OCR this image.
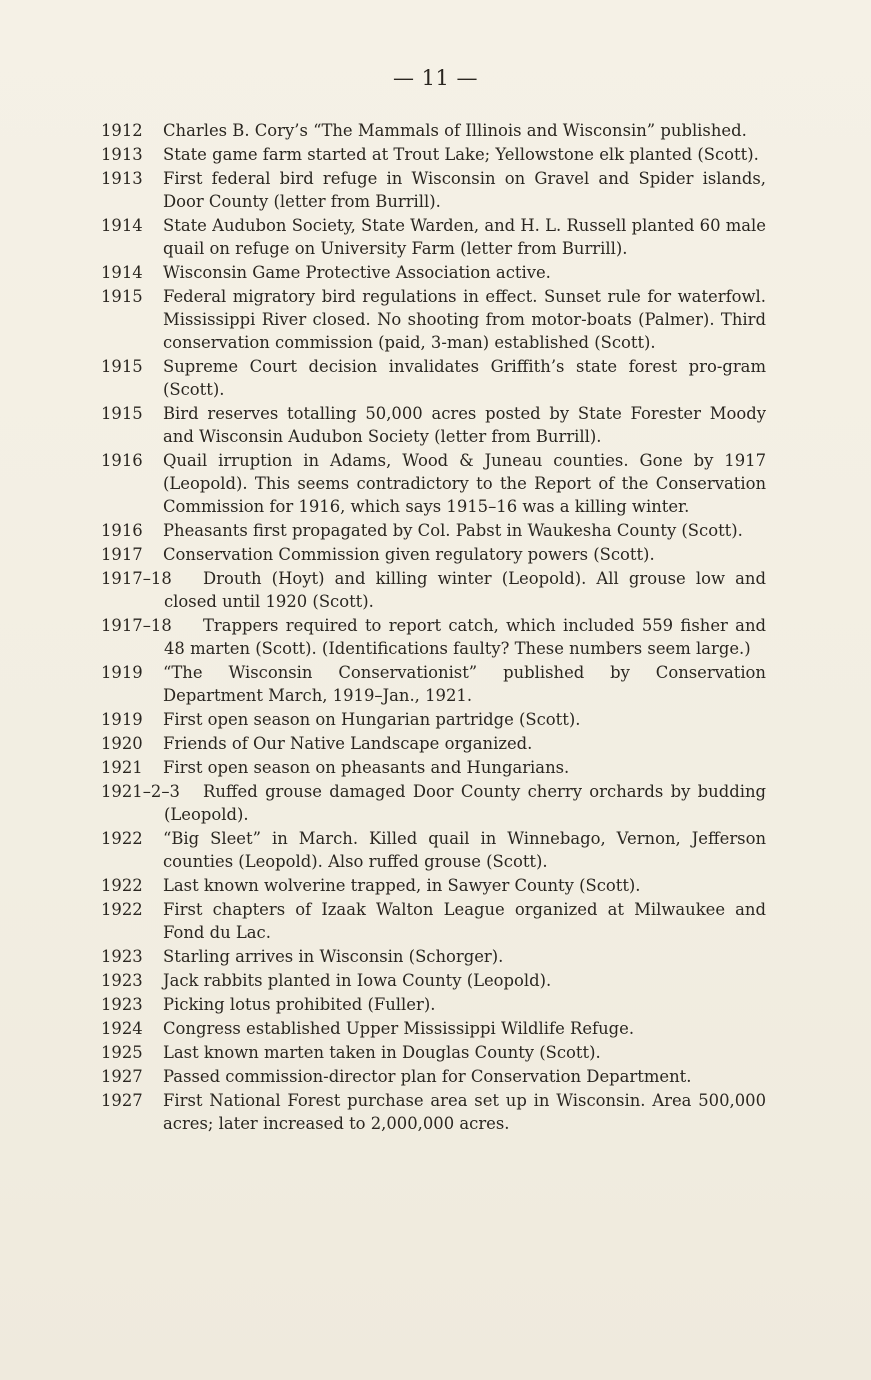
— 11 —
1912	Charles B. Cory’s “The Mammals of Illinois and Wisconsin” published.
1913	State game farm started at Trout Lake; Yellowstone elk planted (Scott).
1913	First federal bird refuge in Wisconsin on Gravel and Spider islands, Door County (letter from Burrill).
1914	State Audubon Society, State Warden, and H. L. Russell planted 60 male quail on refuge on University Farm (letter from Burrill).
1914	Wisconsin Game Protective Association active.
1915	Federal migratory bird regulations in effect. Sunset rule for waterfowl. Mississippi River closed. No shooting from motor-boats (Palmer). Third conservation commission (paid, 3-man) established (Scott).
1915	Supreme Court decision invalidates Griffith’s state forest pro-gram (Scott).
1915	Bird reserves totalling 50,000 acres posted by State Forester Moody and Wisconsin Audubon Society (letter from Burrill).
1916	Quail irruption in Adams, Wood & Juneau counties. Gone by 1917 (Leopold). This seems contradictory to the Report of the Conservation Commission for 1916, which says 1915–16 was a killing winter.
1916	Pheasants first propagated by Col. Pabst in Waukesha County (Scott).
1917	Conservation Commission given regulatory powers (Scott).
1917–18	Drouth (Hoyt) and killing winter (Leopold). All grouse low and closed until 1920 (Scott).
1917–18	Trappers required to report catch, which included 559 fisher and 48 marten (Scott). (Identifications faulty? These numbers seem large.)
1919	“The Wisconsin Conservationist” published by Conservation Department March, 1919–Jan., 1921.
1919	First open season on Hungarian partridge (Scott).
1920	Friends of Our Native Landscape organized.
1921	First open season on pheasants and Hungarians.
1921–2–3	Ruffed grouse damaged Door County cherry orchards by budding (Leopold).
1922	“Big Sleet” in March. Killed quail in Winnebago, Vernon, Jefferson counties (Leopold). Also ruffed grouse (Scott).
1922	Last known wolverine trapped, in Sawyer County (Scott).
1922	First chapters of Izaak Walton League organized at Milwaukee and Fond du Lac.
1923	Starling arrives in Wisconsin (Schorger).
1923	Jack rabbits planted in Iowa County (Leopold).
1923	Picking lotus prohibited (Fuller).
1924	Congress established Upper Mississippi Wildlife Refuge.
1925	Last known marten taken in Douglas County (Scott).
1927	Passed commission-director plan for Conservation Department.
1927	First National Forest purchase area set up in Wisconsin. Area 500,000 acres; later increased to 2,000,000 acres.
